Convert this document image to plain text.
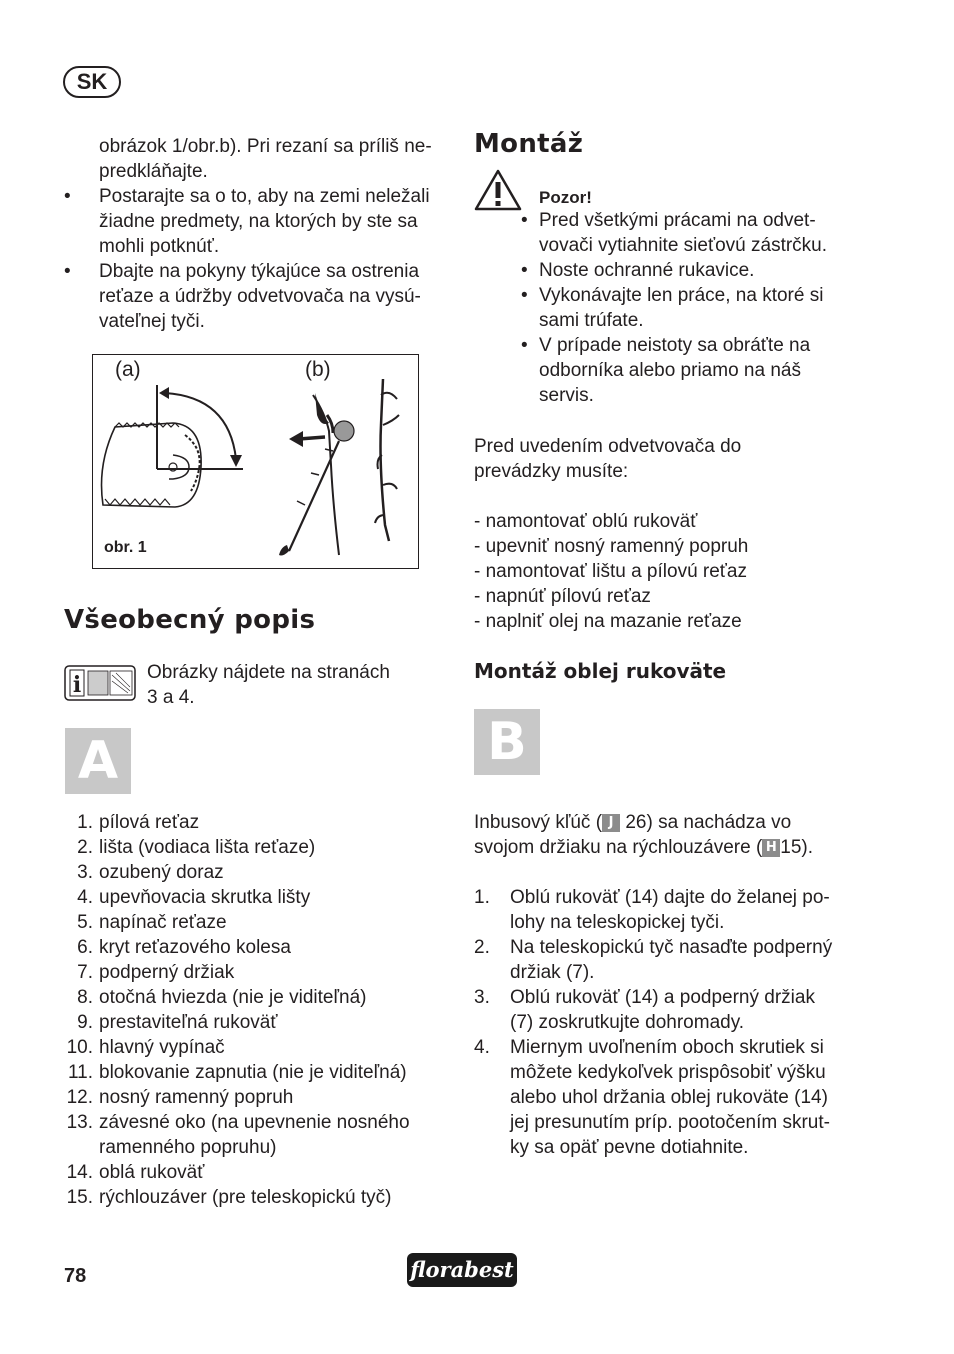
SK
obrázok 1/obr.b). Pri rezaní sa príliš ne-
predkláňajte.
• Postarajte sa o to, aby na zemi neležali
žiadne predmety, na ktorých by ste sa
mohli potknúť.
• Dbajte na pokyny týkajúce sa ostrenia
reťaze a údržby odvetvovača na vysú-
vateľnej tyči.
(a)	(b)
obr. 1
Všeobecný popis
i	Obrázky nájdete na stranách
3 a 4.
A
1. pílová reťaz
2. lišta (vodiaca lišta reťaze)
3. ozubený doraz
4. upevňovacia skrutka lišty
5. napínač reťaze
6. kryt reťazového kolesa
7. podperný držiak
8. otočná hviezda (nie je viditeľná)
9. prestaviteľná rukoväť
10. hlavný vypínač
11. blokovanie zapnutia (nie je viditeľná)
12. nosný ramenný popruh
13. závesné oko (na upevnenie nosného
ramenného popruhu)
14. oblá rukoväť
15. rýchlouzáver (pre teleskopickú tyč)
Montáž
Pozor!
• Pred všetkými prácami na odvet-
vovači vytiahnite sieťovú zástrčku.
• Noste ochranné rukavice.
• Vykonávajte len práce, na ktoré si
sami trúfate.
• V prípade neistoty sa obráťte na
odborníka alebo priamo na náš
servis.
Pred uvedením odvetvovača do
prevádzky musíte:
- namontovať oblú rukoväť
- upevniť nosný ramenný popruh
- namontovať lištu a pílovú reťaz
- napnúť pílovú reťaz
- naplniť olej na mazanie reťaze
Montáž oblej rukoväte
B
Inbusový kľúč ( J 26) sa nachádza vo
svojom držiaku na rýchlouzávere ( H 15).
1. Oblú rukoväť (14) dajte do želanej po-
lohy na teleskopickej tyči.
2. Na teleskopickú tyč nasaďte podperný
držiak (7).
3. Oblú rukoväť (14) a podperný držiak
(7) zoskrutkujte dohromady.
4. Miernym uvoľnením oboch skrutiek si
môžete kedykoľvek prispôsobiť výšku
alebo uhol držania oblej rukoväte (14)
jej presunutím príp. pootočením skrut-
ky sa opäť pevne dotiahnite.
78	florabest
